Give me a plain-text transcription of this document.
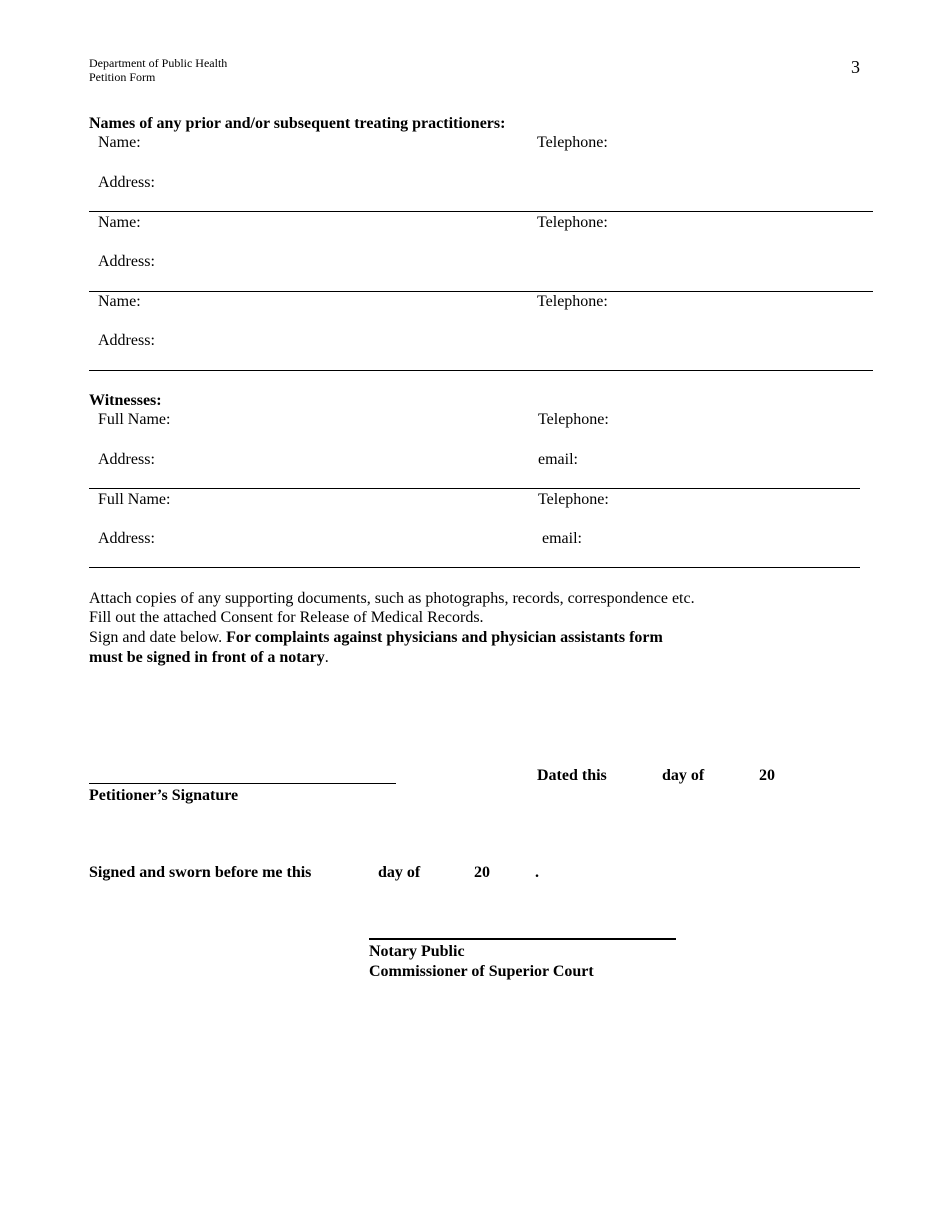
Department of Public Health
Petition Form	3
Names of any prior and/or subsequent treating practitioners:
Name:	Telephone:
Address:
Name:	Telephone:
Address:
Name:	Telephone:
Address:
Witnesses:
Full Name:	Telephone:
Address:	email:
Full Name:	Telephone:
Address:	email:
Attach copies of any supporting documents, such as photographs, records, correspondence etc.
Fill out the attached Consent for Release of Medical Records.
Sign and date below. For complaints against physicians and physician assistants form
must be signed in front of a notary.
Petitioner’s Signature
Dated this	day of	20
Signed and sworn before me this	day of	20	.
Notary Public
Commissioner of Superior Court
